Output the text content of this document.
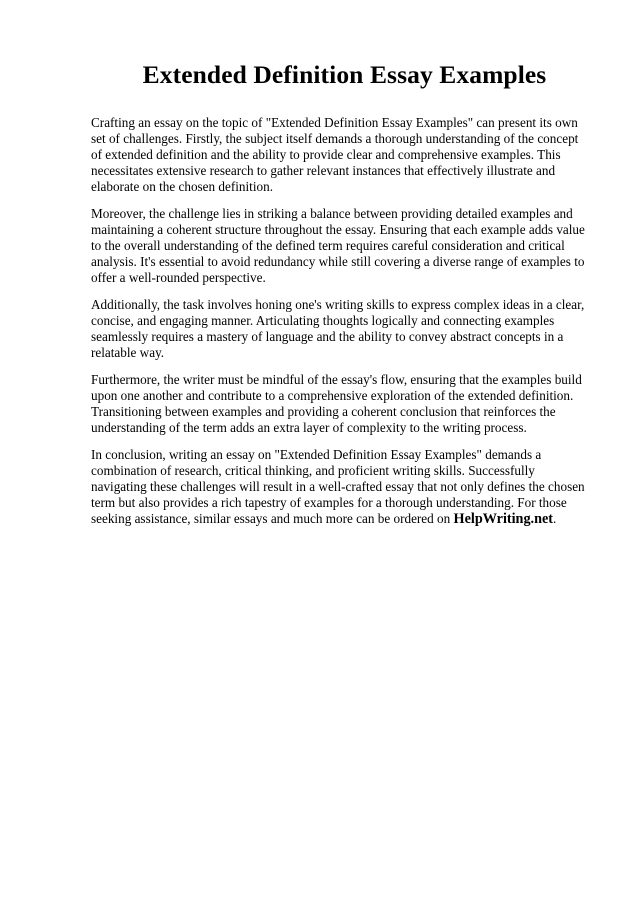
Extended Definition Essay Examples

Crafting an essay on the topic of "Extended Definition Essay Examples" can present its own set of challenges. Firstly, the subject itself demands a thorough understanding of the concept of extended definition and the ability to provide clear and comprehensive examples. This necessitates extensive research to gather relevant instances that effectively illustrate and elaborate on the chosen definition.

Moreover, the challenge lies in striking a balance between providing detailed examples and maintaining a coherent structure throughout the essay. Ensuring that each example adds value to the overall understanding of the defined term requires careful consideration and critical analysis. It's essential to avoid redundancy while still covering a diverse range of examples to offer a well-rounded perspective.

Additionally, the task involves honing one's writing skills to express complex ideas in a clear, concise, and engaging manner. Articulating thoughts logically and connecting examples seamlessly requires a mastery of language and the ability to convey abstract concepts in a relatable way.

Furthermore, the writer must be mindful of the essay's flow, ensuring that the examples build upon one another and contribute to a comprehensive exploration of the extended definition. Transitioning between examples and providing a coherent conclusion that reinforces the understanding of the term adds an extra layer of complexity to the writing process.

In conclusion, writing an essay on "Extended Definition Essay Examples" demands a combination of research, critical thinking, and proficient writing skills. Successfully navigating these challenges will result in a well-crafted essay that not only defines the chosen term but also provides a rich tapestry of examples for a thorough understanding. For those seeking assistance, similar essays and much more can be ordered on HelpWriting.net.
